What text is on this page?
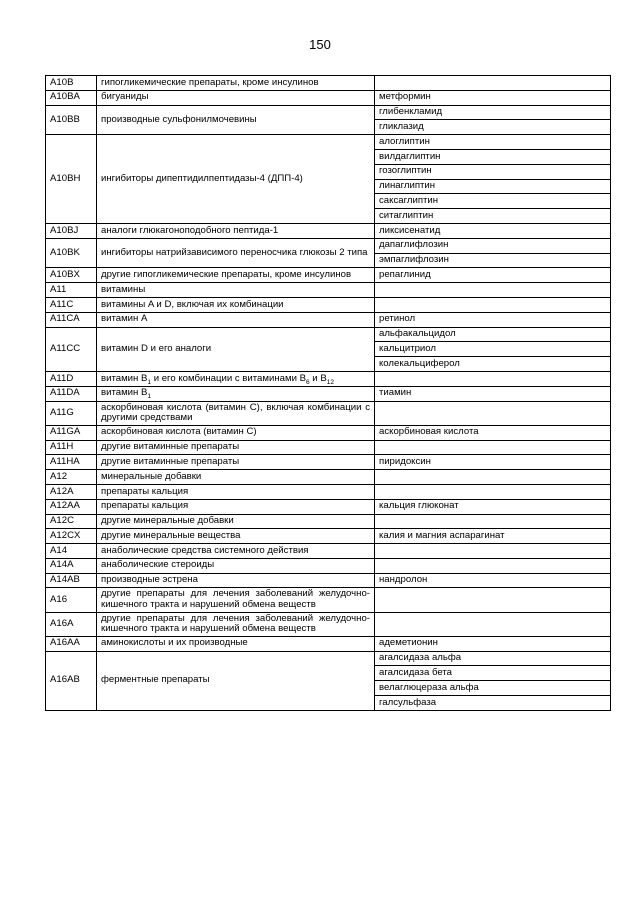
150
A10B	гипогликемические препараты, кроме инсулинов	
A10BA	бигуаниды	метформин
A10BB	производные сульфонилмочевины	глибенкламид
		гликлазид
A10BH	ингибиторы дипептидилпептидазы-4 (ДПП-4)	алоглиптин
		вилдаглиптин
		гозоглиптин
		линаглиптин
		саксаглиптин
		ситаглиптин
A10BJ	аналоги глюкагоноподобного пептида-1	ликсисенатид
A10BK	ингибиторы натрийзависимого переносчика глюкозы 2 типа	дапаглифлозин
		эмпаглифлозин
A10BX	другие гипогликемические препараты, кроме инсулинов	репаглинид
A11	витамины	
A11C	витамины A и D, включая их комбинации	
A11CA	витамин А	ретинол
A11CC	витамин D и его аналоги	альфакальцидол
		кальцитриол
		колекальциферол
A11D	витамин $B_1$ и его комбинации с витаминами $B_6$ и $B_{12}$	
A11DA	витамин $B_1$	тиамин
A11G	аскорбиновая кислота (витамин С), включая комбинации с другими средствами	
A11GA	аскорбиновая кислота (витамин С)	аскорбиновая кислота
A11H	другие витаминные препараты	
A11HA	другие витаминные препараты	пиридоксин
A12	минеральные добавки	
A12A	препараты кальция	
A12AA	препараты кальция	кальция глюконат
A12C	другие минеральные добавки	
A12CX	другие минеральные вещества	калия и магния аспарагинат
A14	анаболические средства системного действия	
A14A	анаболические стероиды	
A14AB	производные эстрена	нандролон
A16	другие препараты для лечения заболеваний желудочно-кишечного тракта и нарушений обмена веществ	
A16A	другие препараты для лечения заболеваний желудочно-кишечного тракта и нарушений обмена веществ	
A16AA	аминокислоты и их производные	адеметионин
A16AB	ферментные препараты	агалсидаза альфа
		агалсидаза бета
		велаглюцераза альфа
		галсульфаза
